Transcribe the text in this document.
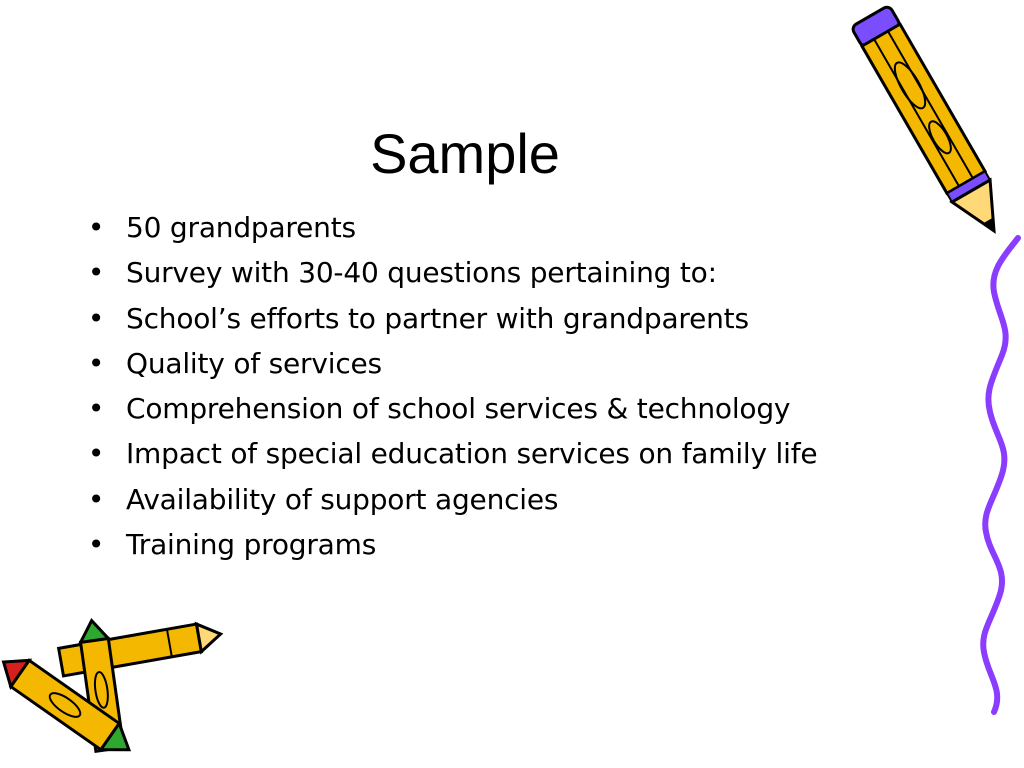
Sample
• 50 grandparents
• Survey with 30-40 questions pertaining to:
• School’s efforts to partner with grandparents
• Quality of services
• Comprehension of school services & technology
• Impact of special education services on family life
• Availability of support agencies
• Training programs
